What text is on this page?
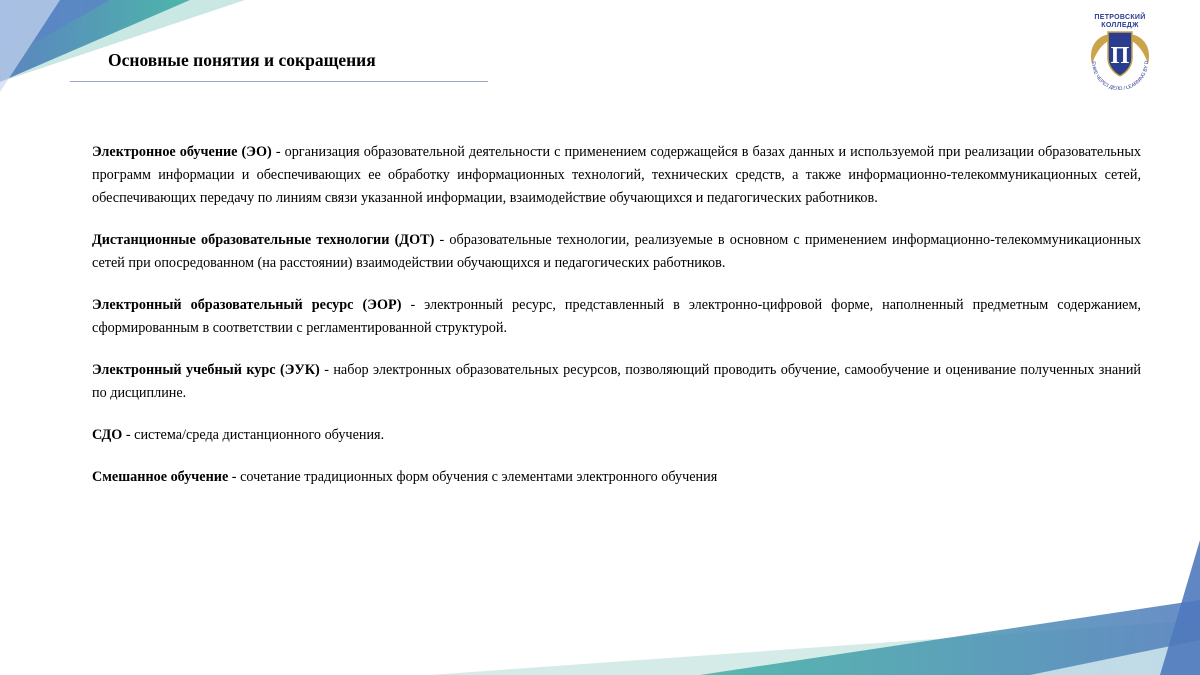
Основные понятия и сокращения
ПЕТРОВСКИЙ
КОЛЛЕДЖ
П
ЕНИЕ ЧЕРЕЗ ДЕЛО / LEARNING BY D

Электронное обучение (ЭО) - организация образовательной деятельности с применением содержащейся в базах данных и используемой при реализации образовательных программ информации и обеспечивающих ее обработку информационных технологий, технических средств, а также информационно-телекоммуникационных сетей, обеспечивающих передачу по линиям связи указанной информации, взаимодействие обучающихся и педагогических работников.

Дистанционные образовательные технологии (ДОТ) - образовательные технологии, реализуемые в основном с применением информационно-телекоммуникационных сетей при опосредованном (на расстоянии) взаимодействии обучающихся и педагогических работников.

Электронный образовательный ресурс (ЭОР) - электронный ресурс, представленный в электронно-цифровой форме, наполненный предметным содержанием, сформированным в соответствии с регламентированной структурой.

Электронный учебный курс (ЭУК) - набор электронных образовательных ресурсов, позволяющий проводить обучение, самообучение и оценивание полученных знаний по дисциплине.

СДО - система/среда дистанционного обучения.

Смешанное обучение - сочетание традиционных форм обучения с элементами электронного обучения
